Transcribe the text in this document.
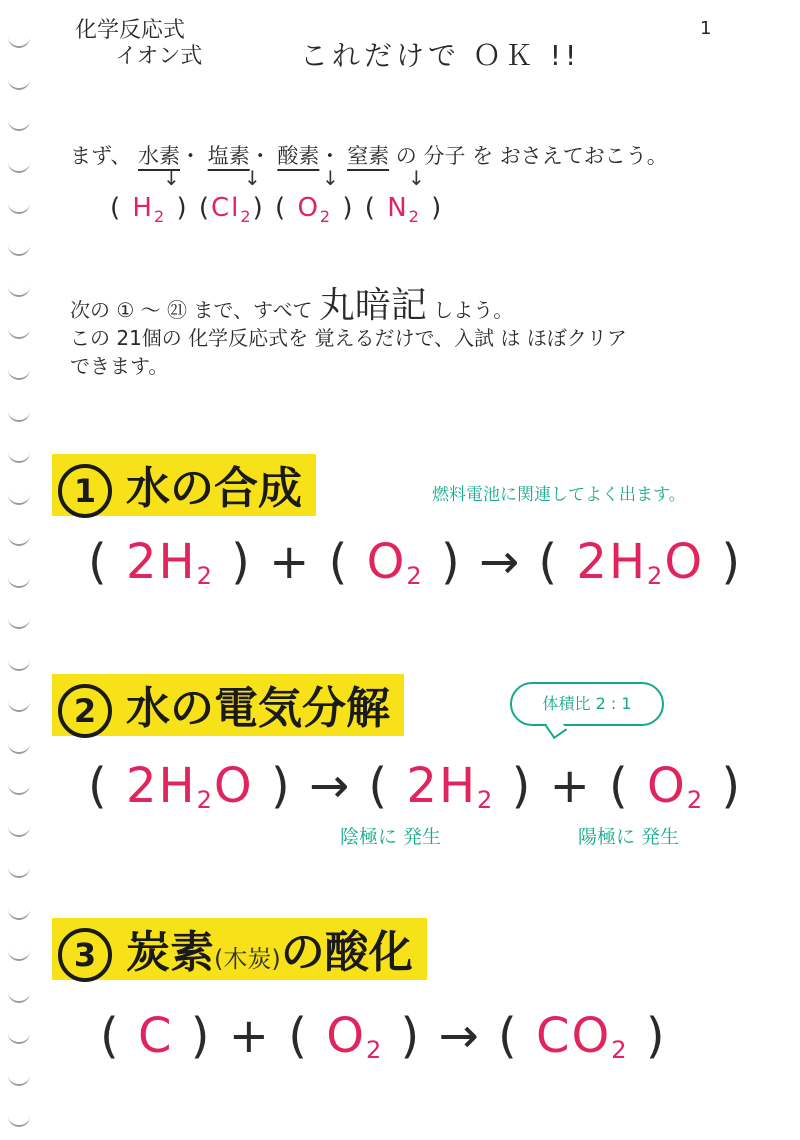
化学反応式
イオン式	これだけで ＯＫ !!
1
まず、 水素・ 塩素・ 酸素・ 窒素 の 分子 を おさえておこう。
↓	↓	↓	↓
( $H_2$ ) $(Cl_2)$ ( $O_2$ ) ( $N_2$ )
次の ① 〜 ㉑ まで、すべて 丸暗記 しよう。
この 21個の 化学反応式を 覚えるだけで、入試 は ほぼクリア
できます。
1 水の合成	燃料電池に関連してよく出ます。
( $2H_2$ ) + ( $O_2$ ) → ( $2H_2O$ )
2 水の電気分解	体積比 2 : 1
( $2H_2O$ ) → ( $2H_2$ ) + ( $O_2$ )
陰極に 発生	陽極に 発生
3 炭素(木炭)の酸化
( C ) + ( $O_2$ ) → ( $CO_2$ )
